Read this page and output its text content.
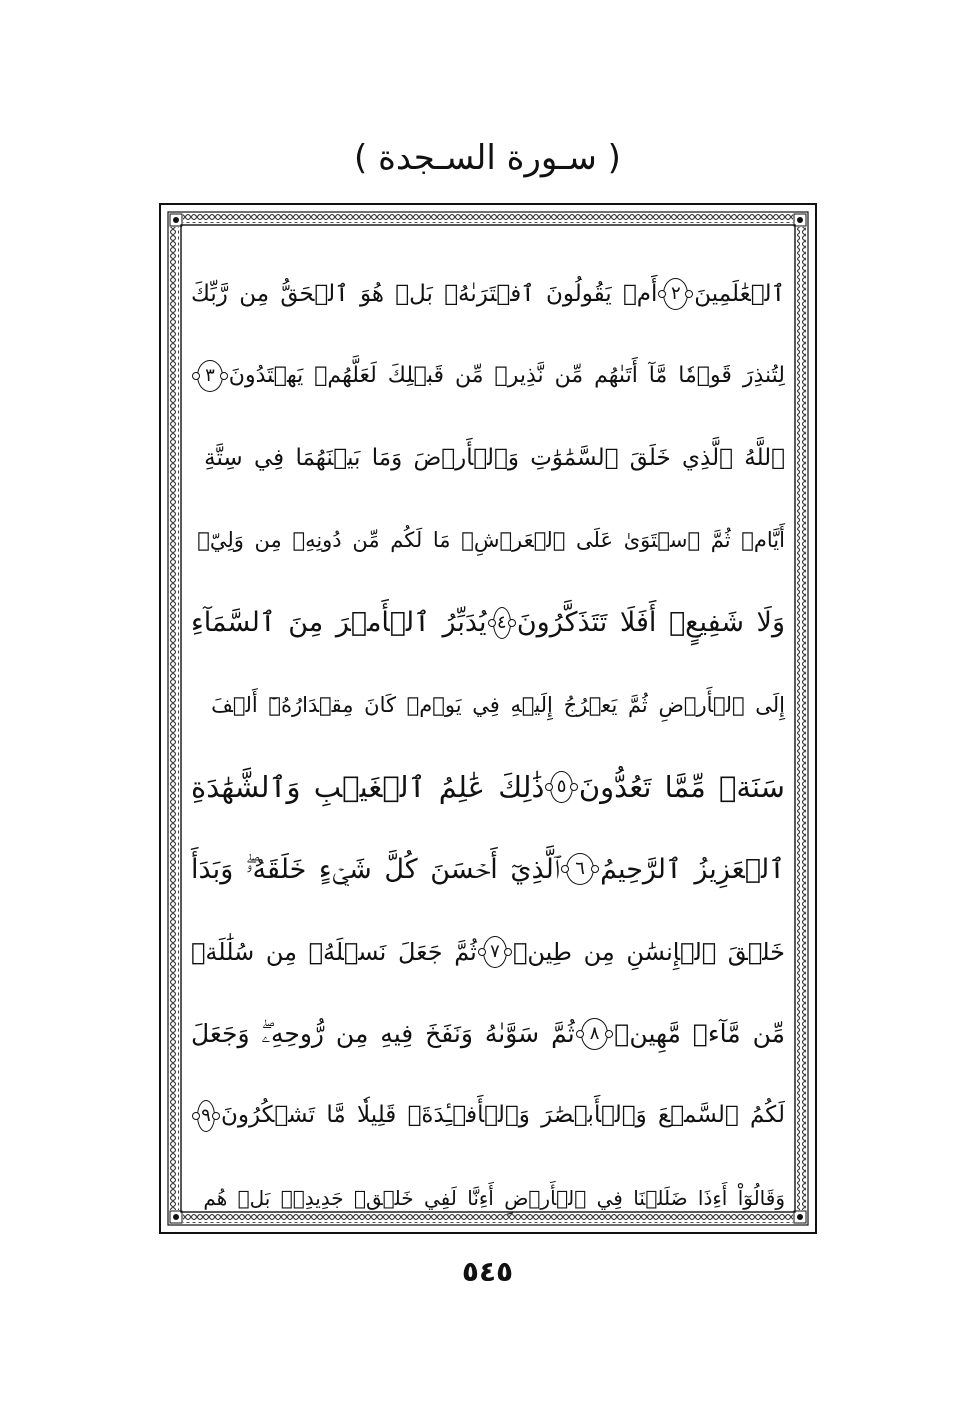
( سـورة السـجدة )
ٱلۡعَٰلَمِينَ
٢
أَمۡ يَقُولُونَ ٱفۡتَرَىٰهُۚ بَلۡ هُوَ ٱلۡحَقُّ مِن رَّبِّكَ
لِتُنذِرَ قَوۡمٗا مَّآ أَتَىٰهُم مِّن نَّذِيرٖ مِّن قَبۡلِكَ لَعَلَّهُمۡ يَهۡتَدُونَ
٣
ٱللَّهُ ٱلَّذِي خَلَقَ ٱلسَّمَٰوَٰتِ وَٱلۡأَرۡضَ وَمَا بَيۡنَهُمَا فِي سِتَّةِ
أَيَّامٖ ثُمَّ ٱسۡتَوَىٰ عَلَى ٱلۡعَرۡشِۖ مَا لَكُم مِّن دُونِهِۦ مِن وَلِيّٖ
وَلَا شَفِيعٍۚ أَفَلَا تَتَذَكَّرُونَ
٤
يُدَبِّرُ ٱلۡأَمۡرَ مِنَ ٱلسَّمَآءِ
إِلَى ٱلۡأَرۡضِ ثُمَّ يَعۡرُجُ إِلَيۡهِ فِي يَوۡمٖ كَانَ مِقۡدَارُهُۥٓ أَلۡفَ
سَنَةٖ مِّمَّا تَعُدُّونَ
٥
ذَٰلِكَ عَٰلِمُ ٱلۡغَيۡبِ وَٱلشَّهَٰدَةِ
ٱلۡعَزِيزُ ٱلرَّحِيمُ
٦
ٱلَّذِيٓ أَحۡسَنَ كُلَّ شَيۡءٍ خَلَقَهُۥۖ وَبَدَأَ
خَلۡقَ ٱلۡإِنسَٰنِ مِن طِينٖ
٧
ثُمَّ جَعَلَ نَسۡلَهُۥ مِن سُلَٰلَةٖ
مِّن مَّآءٖ مَّهِينٖ
٨
ثُمَّ سَوَّىٰهُ وَنَفَخَ فِيهِ مِن رُّوحِهِۦۖ وَجَعَلَ
لَكُمُ ٱلسَّمۡعَ وَٱلۡأَبۡصَٰرَ وَٱلۡأَفۡـِٔدَةَۚ قَلِيلٗا مَّا تَشۡكُرُونَ
٩
وَقَالُوٓاْ أَءِذَا ضَلَلۡنَا فِي ٱلۡأَرۡضِ أَءِنَّا لَفِي خَلۡقٖ جَدِيدِۢۚ بَلۡ هُم
٥٤٥
